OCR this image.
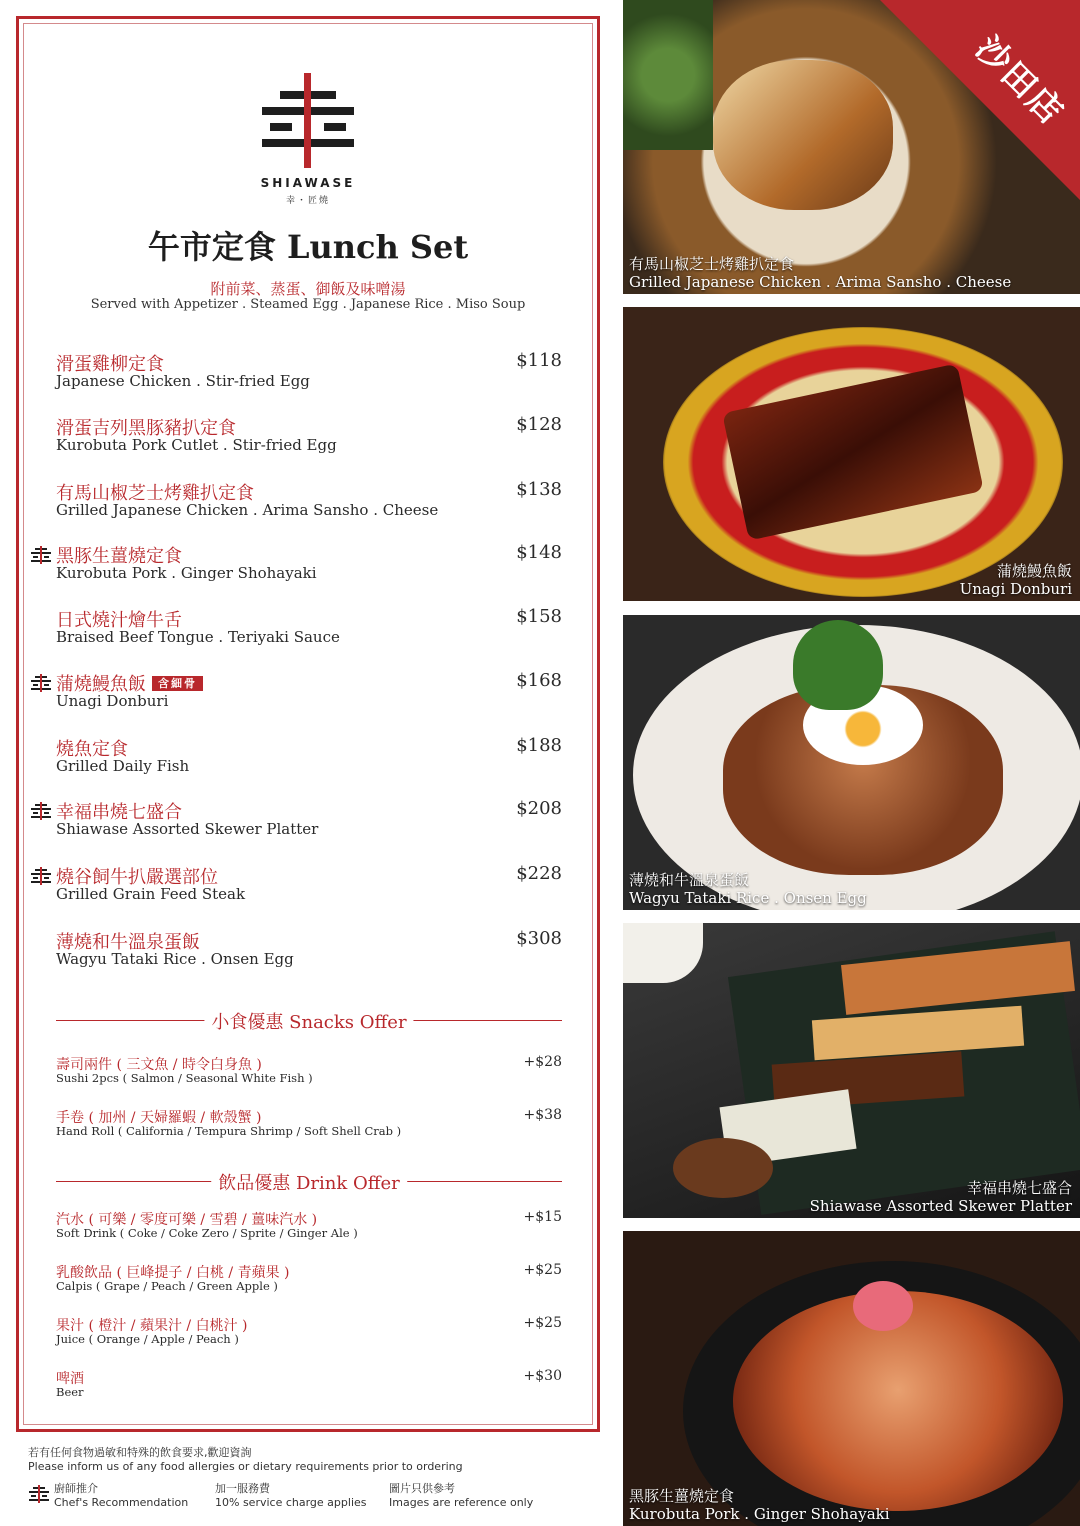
SHIAWASE
幸・匠燒
午市定食 Lunch Set
附前菜、蒸蛋、御飯及味噌湯
Served with Appetizer . Steamed Egg . Japanese Rice . Miso Soup
滑蛋雞柳定食
Japanese Chicken . Stir-fried Egg
$118
滑蛋吉列黑豚豬扒定食
Kurobuta Pork Cutlet . Stir-fried Egg
$128
有馬山椒芝士烤雞扒定食
Grilled Japanese Chicken . Arima Sansho . Cheese
$138
黑豚生薑燒定食
Kurobuta Pork . Ginger Shohayaki
$148
日式燒汁燴牛舌
Braised Beef Tongue . Teriyaki Sauce
$158
蒲燒鰻魚飯 含細骨
Unagi Donburi
$168
燒魚定食
Grilled Daily Fish
$188
幸福串燒七盛合
Shiawase Assorted Skewer Platter
$208
燒谷飼牛扒嚴選部位
Grilled Grain Feed Steak
$228
薄燒和牛溫泉蛋飯
Wagyu Tataki Rice . Onsen Egg
$308
小食優惠 Snacks Offer
壽司兩件 ( 三文魚 / 時令白身魚 )
Sushi 2pcs ( Salmon / Seasonal White Fish )
+$28
手卷 ( 加州 / 天婦羅蝦 / 軟殼蟹 )
Hand Roll ( California / Tempura Shrimp / Soft Shell Crab )
+$38
飲品優惠 Drink Offer
汽水 ( 可樂 / 零度可樂 / 雪碧 / 薑味汽水 )
Soft Drink ( Coke / Coke Zero / Sprite / Ginger Ale )
+$15
乳酸飲品 ( 巨峰提子 / 白桃 / 青蘋果 )
Calpis ( Grape / Peach / Green Apple )
+$25
果汁 ( 橙汁 / 蘋果汁 / 白桃汁 )
Juice ( Orange / Apple / Peach )
+$25
啤酒
Beer
+$30
若有任何食物過敏和特殊的飲食要求,歡迎資詢
Please inform us of any food allergies or dietary requirements prior to ordering
廚師推介
Chef's Recommendation
加一服務費
10% service charge applies
圖片只供參考
Images are reference only
沙田店
有馬山椒芝士烤雞扒定食
Grilled Japanese Chicken . Arima Sansho . Cheese
蒲燒鰻魚飯
Unagi Donburi
薄燒和牛溫泉蛋飯
Wagyu Tataki Rice . Onsen Egg
幸福串燒七盛合
Shiawase Assorted Skewer Platter
黑豚生薑燒定食
Kurobuta Pork . Ginger Shohayaki
